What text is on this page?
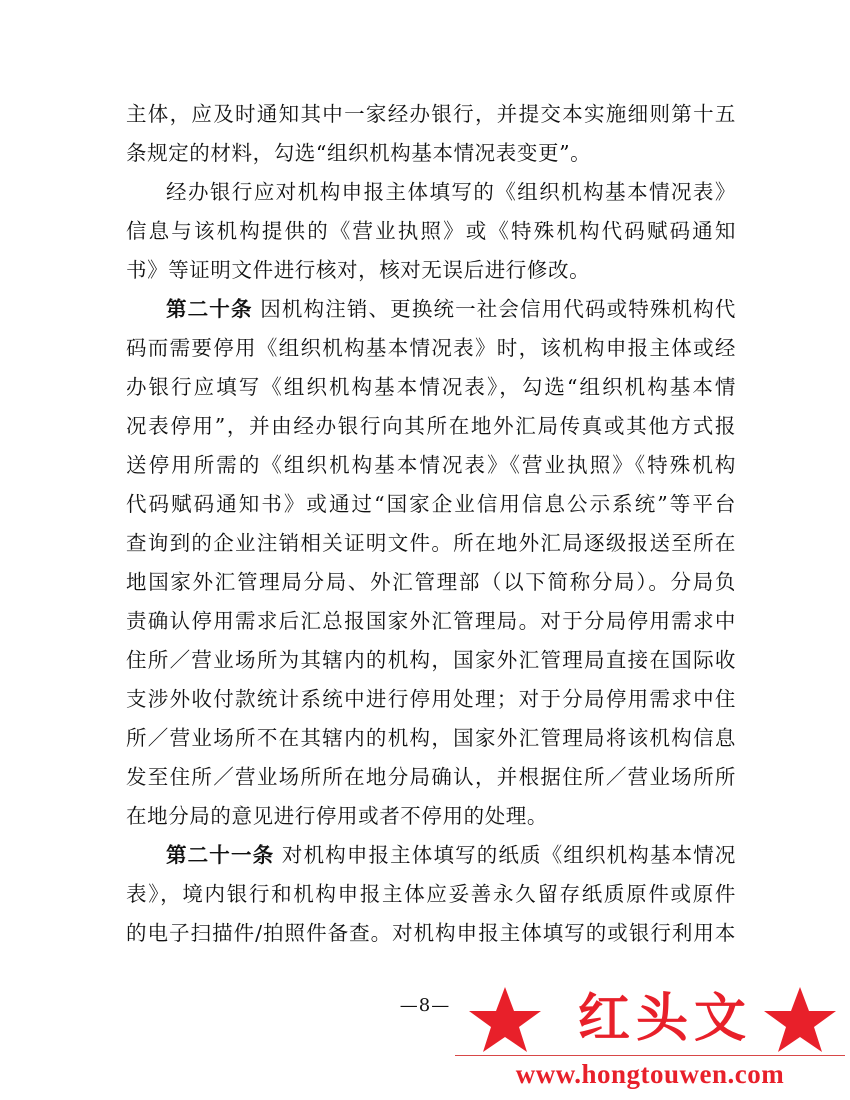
主体，应及时通知其中一家经办银行，并提交本实施细则第十五
条规定的材料，勾选“组织机构基本情况表变更”。
经办银行应对机构申报主体填写的《组织机构基本情况表》
信息与该机构提供的《营业执照》或《特殊机构代码赋码通知
书》等证明文件进行核对，核对无误后进行修改。
第二十条 因机构注销、更换统一社会信用代码或特殊机构代
码而需要停用《组织机构基本情况表》时，该机构申报主体或经
办银行应填写《组织机构基本情况表》，勾选“组织机构基本情
况表停用”，并由经办银行向其所在地外汇局传真或其他方式报
送停用所需的《组织机构基本情况表》《营业执照》《特殊机构
代码赋码通知书》或通过“国家企业信用信息公示系统”等平台
查询到的企业注销相关证明文件。所在地外汇局逐级报送至所在
地国家外汇管理局分局、外汇管理部（以下简称分局）。分局负
责确认停用需求后汇总报国家外汇管理局。对于分局停用需求中
住所／营业场所为其辖内的机构，国家外汇管理局直接在国际收
支涉外收付款统计系统中进行停用处理；对于分局停用需求中住
所／营业场所不在其辖内的机构，国家外汇管理局将该机构信息
发至住所／营业场所所在地分局确认，并根据住所／营业场所所
在地分局的意见进行停用或者不停用的处理。
第二十一条 对机构申报主体填写的纸质《组织机构基本情况
表》，境内银行和机构申报主体应妥善永久留存纸质原件或原件
的电子扫描件/拍照件备查。对机构申报主体填写的或银行利用本
—8—	红头文
www.hongtouwen.com
